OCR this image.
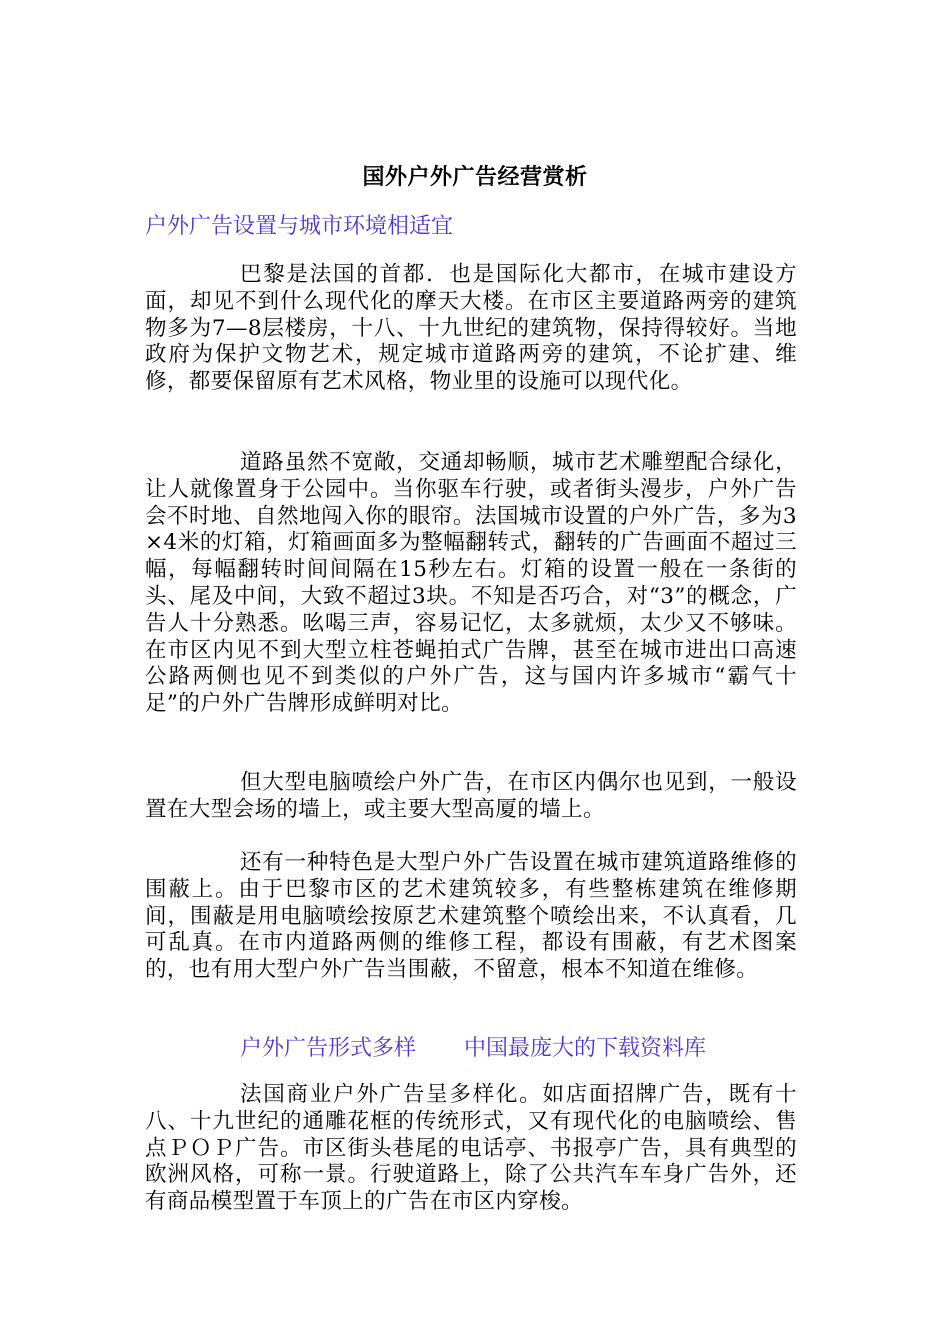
国外户外广告经营赏析
户外广告设置与城市环境相适宜

巴黎是法国的首都．也是国际化大都市，在城市建设方面，却见不到什么现代化的摩天大楼。在市区主要道路两旁的建筑物多为7—8层楼房，十八、十九世纪的建筑物，保持得较好。当地政府为保护文物艺术，规定城市道路两旁的建筑，不论扩建、维修，都要保留原有艺术风格，物业里的设施可以现代化。

道路虽然不宽敞，交通却畅顺，城市艺术雕塑配合绿化，让人就像置身于公园中。当你驱车行驶，或者街头漫步，户外广告会不时地、自然地闯入你的眼帘。法国城市设置的户外广告，多为3×4米的灯箱，灯箱画面多为整幅翻转式，翻转的广告画面不超过三幅，每幅翻转时间间隔在15秒左右。灯箱的设置一般在一条街的头、尾及中间，大致不超过3块。不知是否巧合，对“3”的概念，广告人十分熟悉。吆喝三声，容易记忆，太多就烦，太少又不够味。在市区内见不到大型立柱苍蝇拍式广告牌，甚至在城市进出口高速公路两侧也见不到类似的户外广告，这与国内许多城市“霸气十足”的户外广告牌形成鲜明对比。

但大型电脑喷绘户外广告，在市区内偶尔也见到，一般设置在大型会场的墙上，或主要大型高厦的墙上。

还有一种特色是大型户外广告设置在城市建筑道路维修的围蔽上。由于巴黎市区的艺术建筑较多，有些整栋建筑在维修期间，围蔽是用电脑喷绘按原艺术建筑整个喷绘出来，不认真看，几可乱真。在市内道路两侧的维修工程，都设有围蔽，有艺术图案的，也有用大型户外广告当围蔽，不留意，根本不知道在维修。

户外广告形式多样 中国最庞大的下载资料库

法国商业户外广告呈多样化。如店面招牌广告，既有十八、十九世纪的通雕花框的传统形式，又有现代化的电脑喷绘、售点ＰＯＰ广告。市区街头巷尾的电话亭、书报亭广告，具有典型的欧洲风格，可称一景。行驶道路上，除了公共汽车车身广告外，还有商品模型置于车顶上的广告在市区内穿梭。
